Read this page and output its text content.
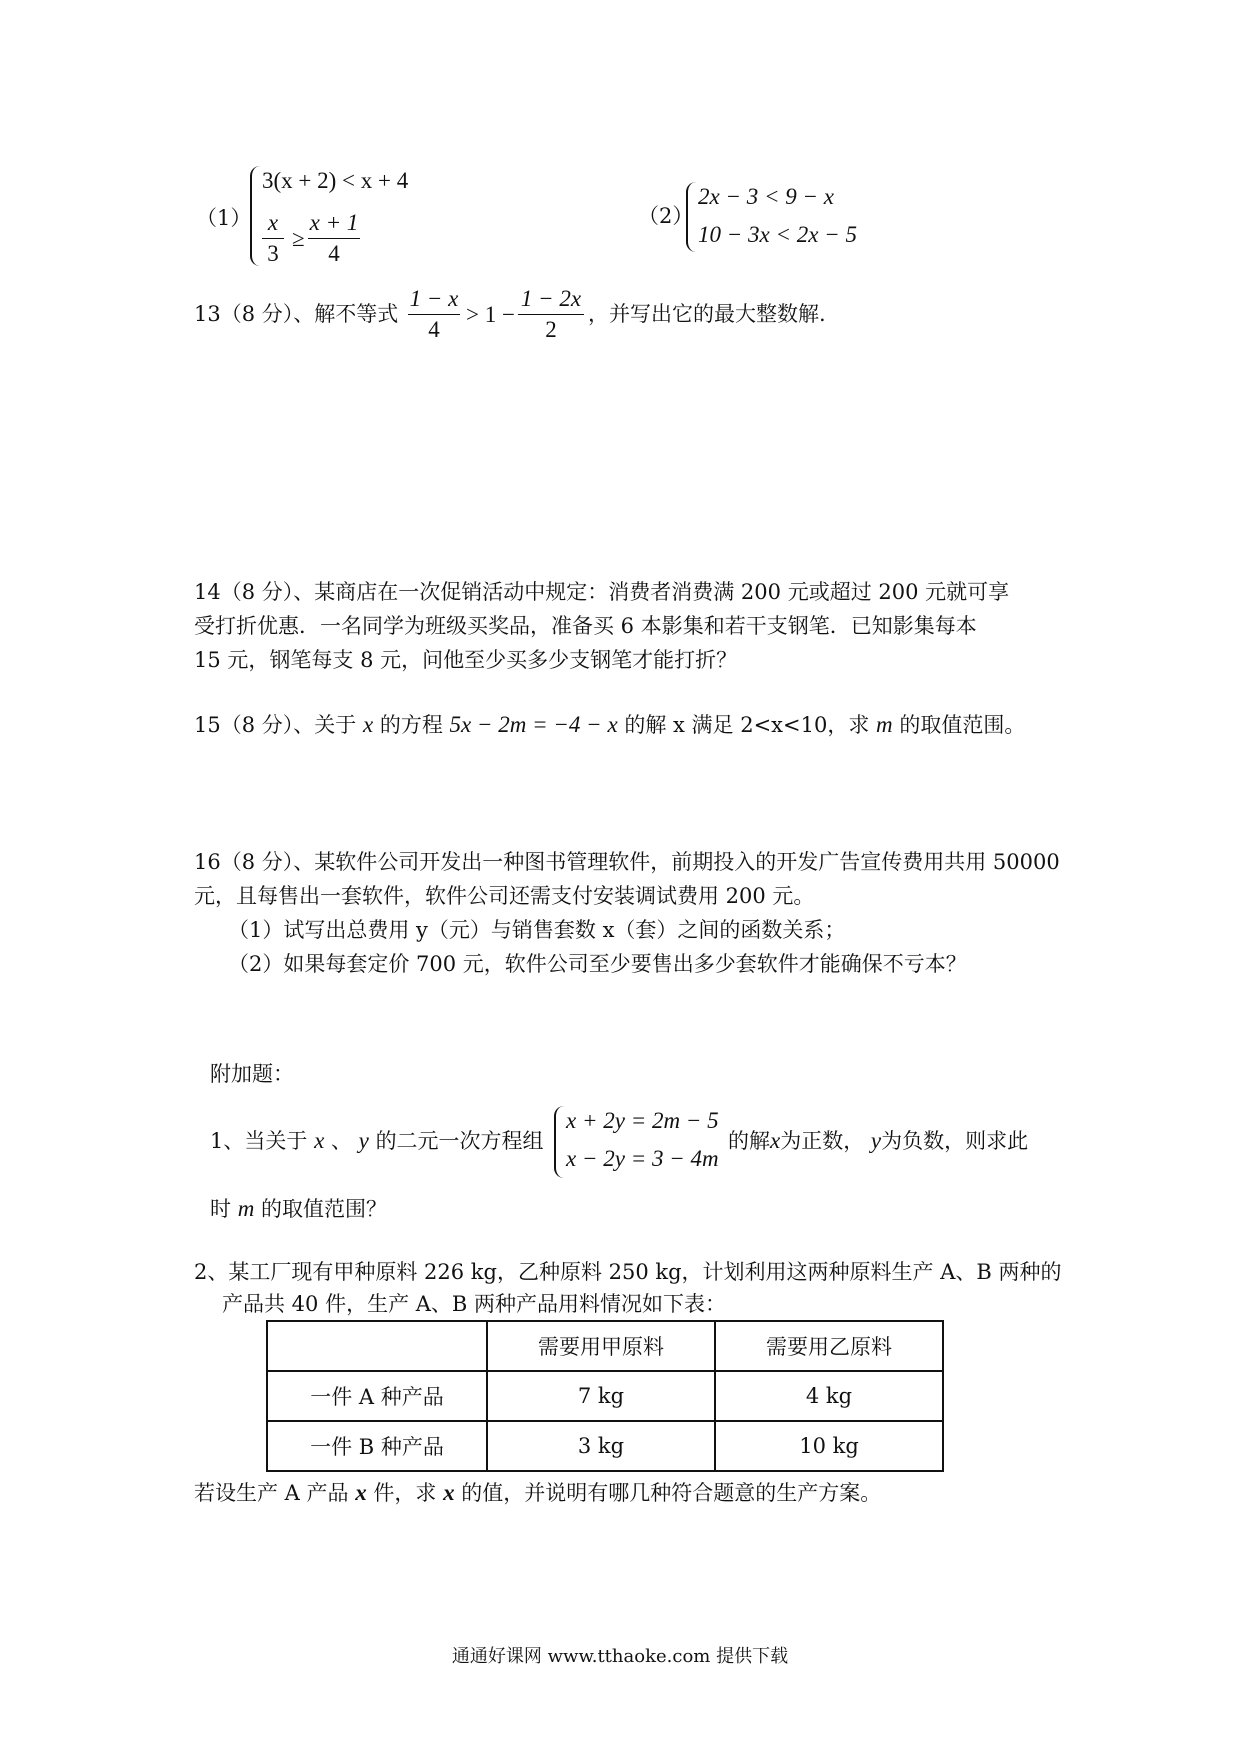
（1）
3(x + 2) < x + 4
x
3
≥
x + 1
4
（2）
2x − 3 < 9 − x
10 − 3x < 2x − 5
13（8 分）、解不等式
1 − x
4
> 1 −
1 − 2x
2
，并写出它的最大整数解.
14（8 分）、某商店在一次促销活动中规定：消费者消费满 200 元或超过 200 元就可享
受打折优惠．一名同学为班级买奖品，准备买 6 本影集和若干支钢笔．已知影集每本
15 元，钢笔每支 8 元，问他至少买多少支钢笔才能打折？
15（8 分）、关于 x 的方程 5x − 2m = −4 − x 的解 x 满足 2<x<10，求 m 的取值范围。
16（8 分）、某软件公司开发出一种图书管理软件，前期投入的开发广告宣传费用共用 50000
元，且每售出一套软件，软件公司还需支付安装调试费用 200 元。
（1）试写出总费用 y（元）与销售套数 x（套）之间的函数关系；
（2）如果每套定价 700 元，软件公司至少要售出多少套软件才能确保不亏本？
附加题：
1、当关于 x 、 y 的二元一次方程组
x + 2y = 2m − 5
x − 2y = 3 − 4m
的解x为正数， y为负数，则求此
时 m 的取值范围？
2、某工厂现有甲种原料 226 kg，乙种原料 250 kg，计划利用这两种原料生产 A、B 两种的
产品共 40 件，生产 A、B 两种产品用料情况如下表：
	需要用甲原料	需要用乙原料
一件 A 种产品	7 kg	4 kg
一件 B 种产品	3 kg	10 kg
若设生产 A 产品 x 件，求 x 的值，并说明有哪几种符合题意的生产方案。
通通好课网 www.tthaoke.com 提供下载
